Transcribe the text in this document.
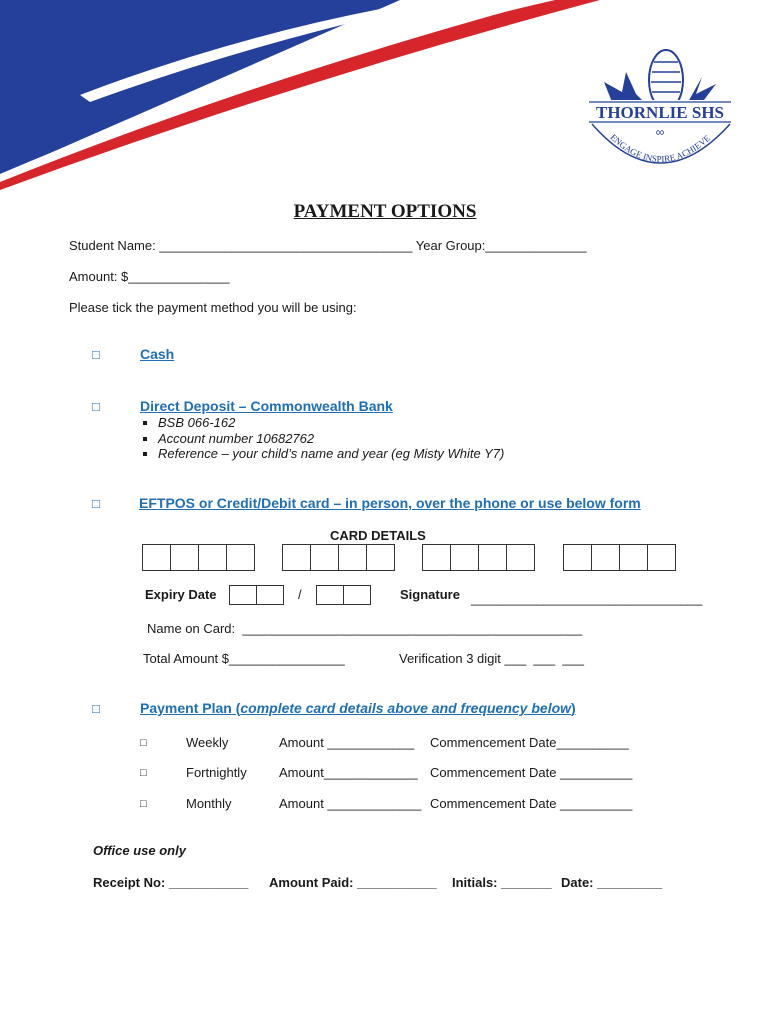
THORNLIE SHS
ENGAGE INSPIRE ACHIEVE
∞
PAYMENT OPTIONS
Student Name: ___________________________________ Year Group:______________
Amount: $______________
Please tick the payment method you will be using:
□	Cash
□	Direct Deposit – Commonwealth Bank
▪ BSB 066-162
▪ Account number 10682762
▪ Reference – your child’s name and year (eg Misty White Y7)
□	EFTPOS or Credit/Debit card – in person, over the phone or use below form
CARD DETAILS
Expiry Date	/	Signature ________________________________
Name on Card:  _______________________________________________
Total Amount $________________	Verification 3 digit ___  ___  ___
□	Payment Plan (complete card details above and frequency below)
□	Weekly	Amount ____________ Commencement Date__________
□	Fortnightly Amount_____________ Commencement Date __________
□	Monthly	Amount _____________ Commencement Date __________
Office use only
Receipt No: ___________ Amount Paid: ___________ Initials: _______ Date: _________
